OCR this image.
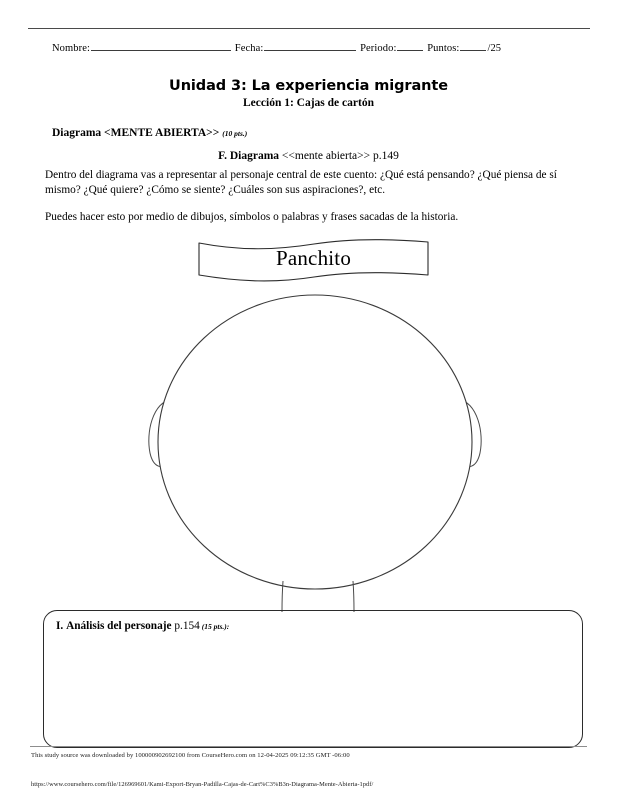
Nombre:	Fecha:	Periodo:	Puntos:	/25
Unidad 3: La experiencia migrante
Lección 1: Cajas de cartón
Diagrama <MENTE ABIERTA>> (10 pts.)
F. Diagrama <<mente abierta>> p.149
Dentro del diagrama vas a representar al personaje central de este cuento: ¿Qué está pensando? ¿Qué piensa de sí mismo? ¿Qué quiere? ¿Cómo se siente? ¿Cuáles son sus aspiraciones?, etc.
Puedes hacer esto por medio de dibujos, símbolos o palabras y frases sacadas de la historia.
Panchito
I. Análisis del personaje p.154 (15 pts.):
This study source was downloaded by 100000902692100 from CourseHero.com on 12-04-2025 09:12:35 GMT -06:00
https://www.coursehero.com/file/126969601/Kami-Export-Bryan-Padilla-Cajas-de-Cart%C3%B3n-Diagrama-Mente-Abierta-1pdf/
